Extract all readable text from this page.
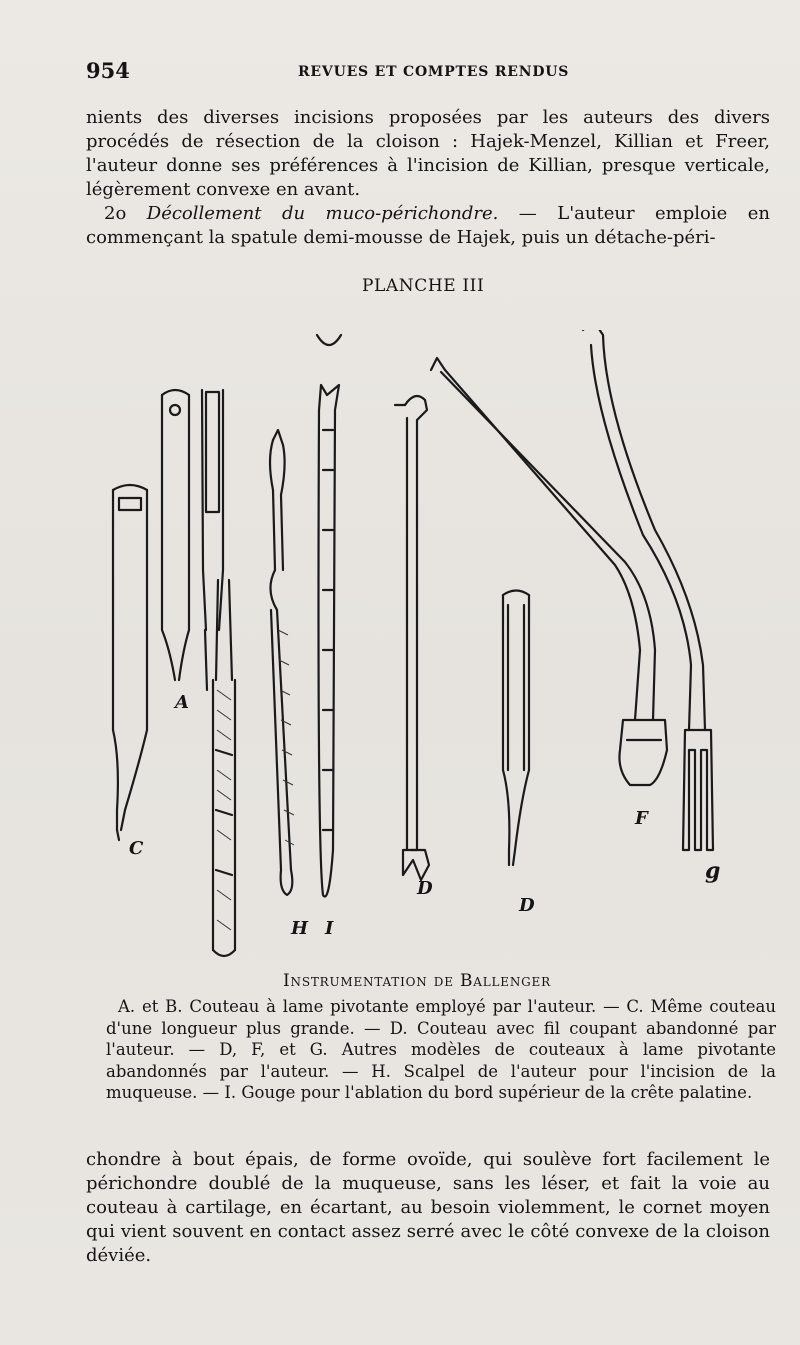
954	REVUES ET COMPTES RENDUS

nients des diverses incisions proposées par les auteurs des divers procédés de résection de la cloison : Hajek-Menzel, Killian et Freer, l'auteur donne ses préférences à l'incision de Killian, presque verticale, légèrement convexe en avant.

2o Décollement du muco-périchondre. — L'auteur emploie en commençant la spatule demi-mousse de Hajek, puis un détache-péri-

PLANCHE III
A
C
D
D
F
g
H I
Instrumentation de Ballenger

A. et B. Couteau à lame pivotante employé par l'auteur. — C. Même couteau d'une longueur plus grande. — D. Couteau avec fil coupant abandonné par l'auteur. — D, F, et G. Autres modèles de couteaux à lame pivotante abandonnés par l'auteur. — H. Scalpel de l'auteur pour l'incision de la muqueuse. — I. Gouge pour l'ablation du bord supérieur de la crête palatine.

chondre à bout épais, de forme ovoïde, qui soulève fort facilement le périchondre doublé de la muqueuse, sans les léser, et fait la voie au couteau à cartilage, en écartant, au besoin violemment, le cornet moyen qui vient souvent en contact assez serré avec le côté convexe de la cloison déviée.
